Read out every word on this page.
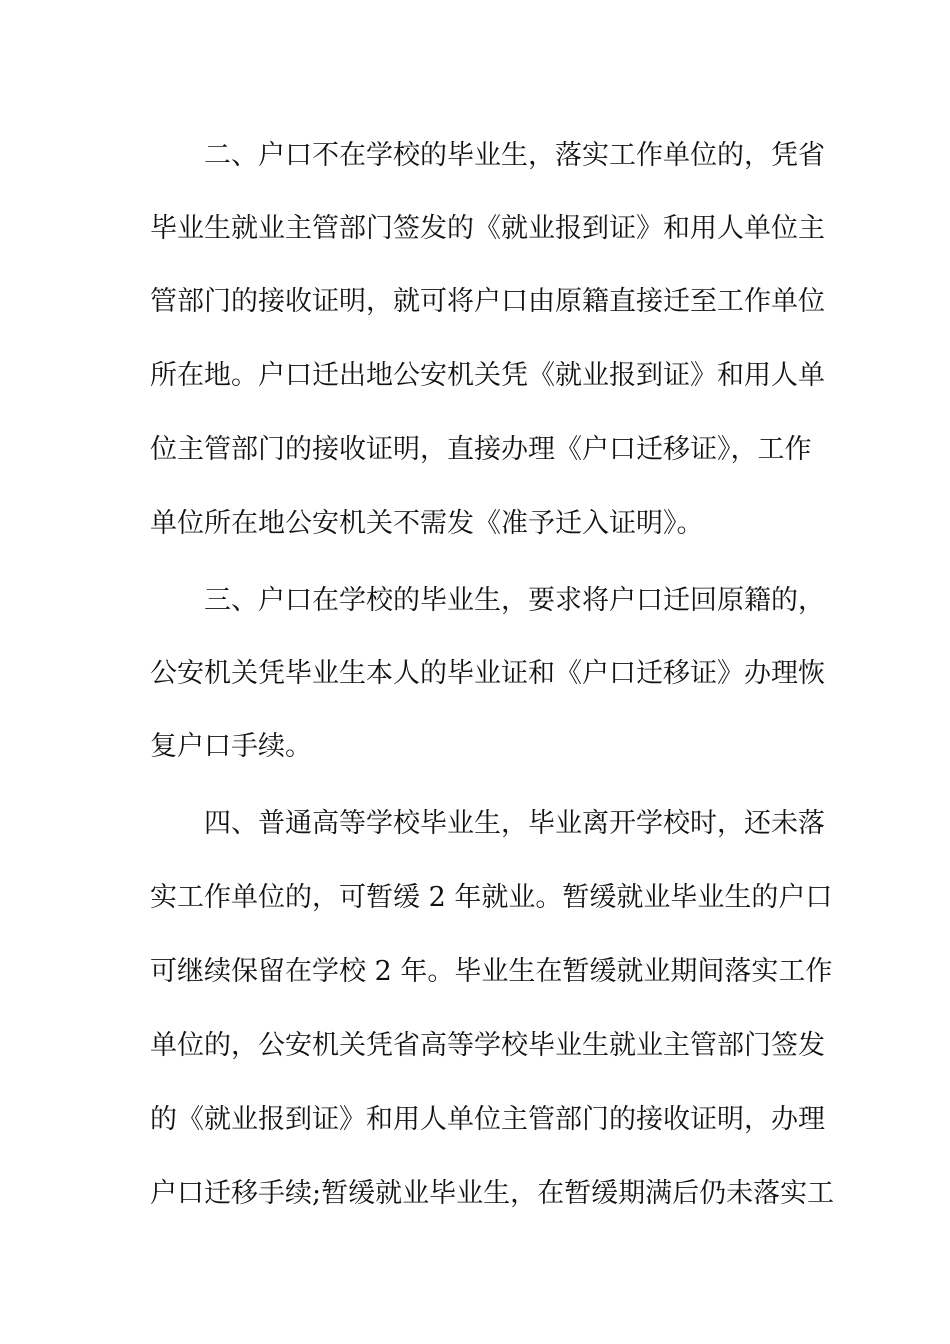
二、户口不在学校的毕业生，落实工作单位的，凭省
毕业生就业主管部门签发的《就业报到证》和用人单位主
管部门的接收证明，就可将户口由原籍直接迁至工作单位
所在地。户口迁出地公安机关凭《就业报到证》和用人单
位主管部门的接收证明，直接办理《户口迁移证》，工作
单位所在地公安机关不需发《准予迁入证明》。
三、户口在学校的毕业生，要求将户口迁回原籍的，
公安机关凭毕业生本人的毕业证和《户口迁移证》办理恢
复户口手续。
四、普通高等学校毕业生，毕业离开学校时，还未落
实工作单位的，可暂缓 2 年就业。暂缓就业毕业生的户口
可继续保留在学校 2 年。毕业生在暂缓就业期间落实工作
单位的，公安机关凭省高等学校毕业生就业主管部门签发
的《就业报到证》和用人单位主管部门的接收证明，办理
户口迁移手续;暂缓就业毕业生，在暂缓期满后仍未落实工
